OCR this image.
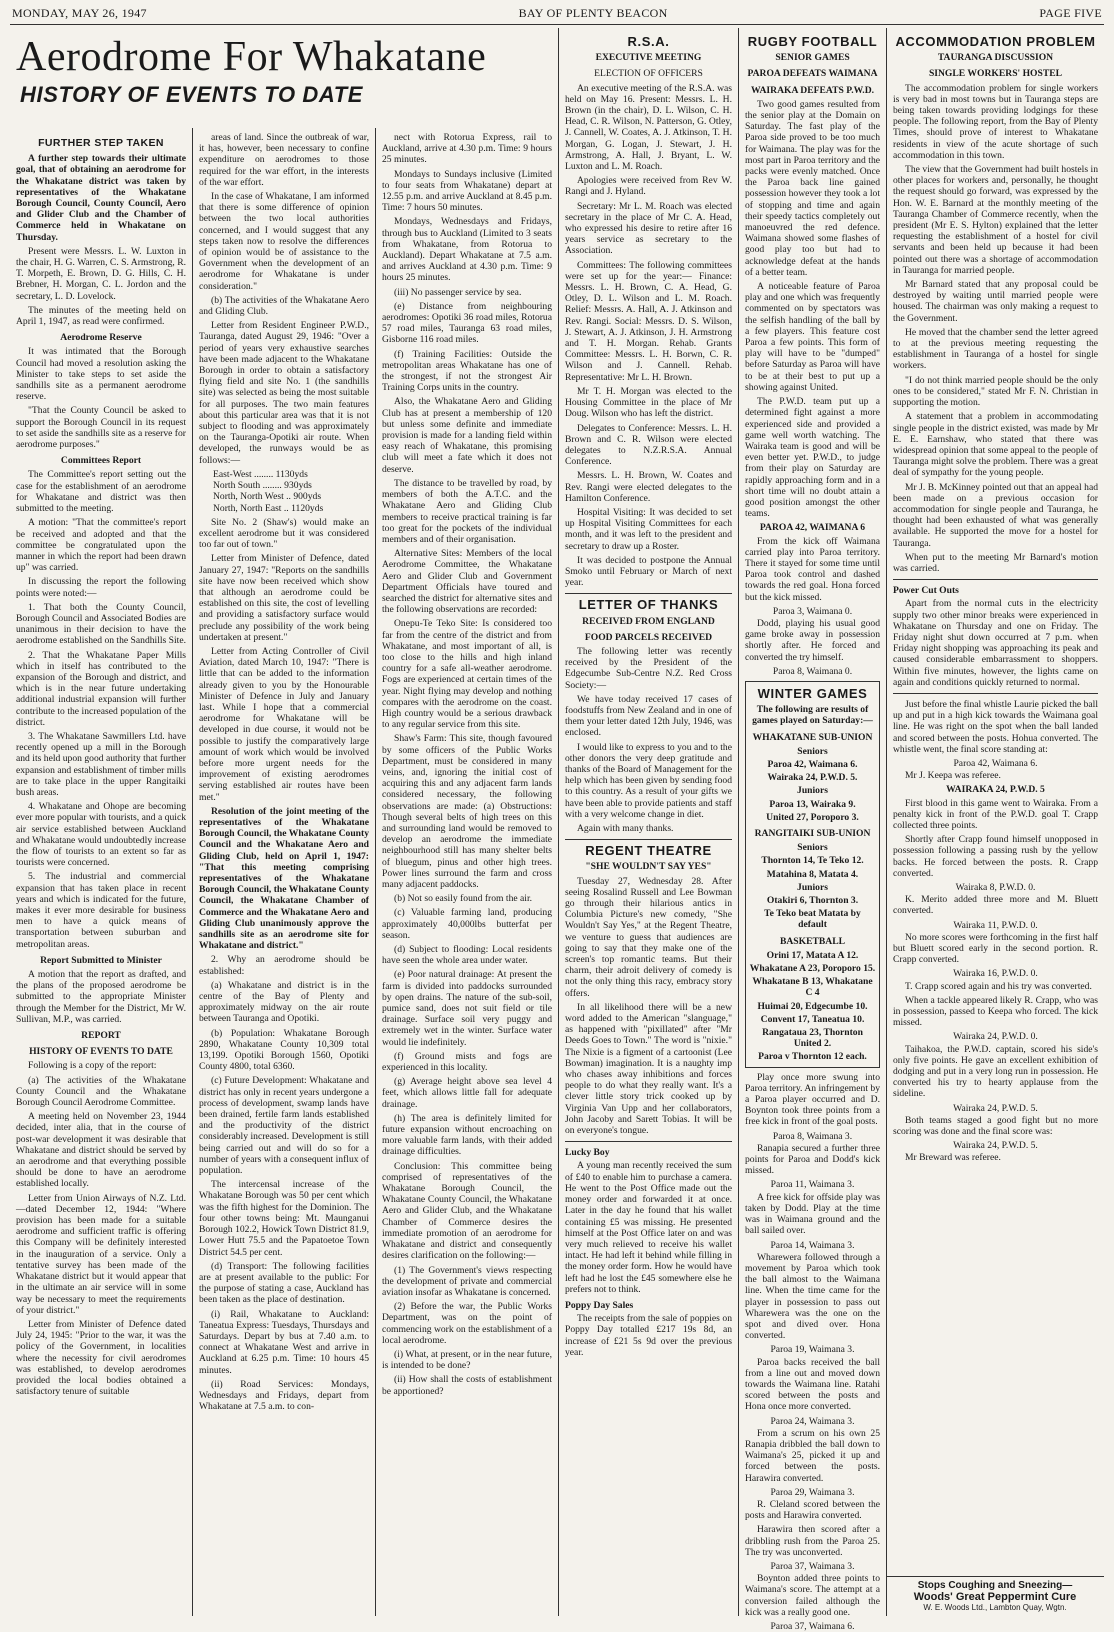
MONDAY, MAY 26, 1947	BAY OF PLENTY BEACON	PAGE FIVE
Aerodrome For Whakatane
HISTORY OF EVENTS TO DATE
FURTHER STEP TAKEN

A further step towards their ultimate goal, that of obtaining an aerodrome for the Whakatane district was taken by representatives of the Whakatane Borough Council, County Council, Aero and Glider Club and the Chamber of Commerce held in Whakatane on Thursday.

Present were Messrs. L. W. Luxton in the chair, H. G. Warren, C. S. Armstrong, R. T. Morpeth, E. Brown, D. G. Hills, C. H. Brebner, H. Morgan, C. L. Jordon and the secretary, L. D. Lovelock.

The minutes of the meeting held on April 1, 1947, as read were confirmed.

Aerodrome Reserve

It was intimated that the Borough Council had moved a resolution asking the Minister to take steps to set aside the sandhills site as a permanent aerodrome reserve.

"That the County Council be asked to support the Borough Council in its request to set aside the sandhills site as a reserve for aerodrome purposes."

Committees Report

The Committee's report setting out the case for the establishment of an aerodrome for Whakatane and district was then submitted to the meeting.

A motion: "That the committee's report be received and adopted and that the committee be congratulated upon the manner in which the report had been drawn up" was carried.

In discussing the report the following points were noted:—

1. That both the County Council, Borough Council and Associated Bodies are unanimous in their decision to have the aerodrome established on the Sandhills Site.

2. That the Whakatane Paper Mills which in itself has contributed to the expansion of the Borough and district, and which is in the near future undertaking additional industrial expansion will further contribute to the increased population of the district.

3. The Whakatane Sawmillers Ltd. have recently opened up a mill in the Borough and its held upon good authority that further expansion and establishment of timber mills are to take place in the upper Rangitaiki bush areas.

4. Whakatane and Ohope are becoming ever more popular with tourists, and a quick air service established between Auckland and Whakatane would undoubtedly increase the flow of tourists to an extent so far as tourists were concerned.

5. The industrial and commercial expansion that has taken place in recent years and which is indicated for the future, makes it ever more desirable for business men to have a quick means of transportation between suburban and metropolitan areas.

Report Submitted to Minister

A motion that the report as drafted, and the plans of the proposed aerodrome be submitted to the appropriate Minister through the Member for the District, Mr W. Sullivan, M.P., was carried.

REPORT
HISTORY OF EVENTS TO DATE

Following is a copy of the report:

(a) The activities of the Whakatane County Council and the Whakatane Borough Council Aerodrome Committee.

A meeting held on November 23, 1944 decided, inter alia, that in the course of post-war development it was desirable that Whakatane and district should be served by an aerodrome and that everything possible should be done to have an aerodrome established locally.

Letter from Union Airways of N.Z. Ltd.—dated December 12, 1944: "Where provision has been made for a suitable aerodrome and sufficient traffic is offering this Company will be definitely interested in the inauguration of a service. Only a tentative survey has been made of the Whakatane district but it would appear that in the ultimate an air service will in some way be necessary to meet the requirements of your district."

Letter from Minister of Defence dated July 24, 1945: "Prior to the war, it was the policy of the Government, in localities where the necessity for civil aerodromes was established, to develop aerodromes provided the local bodies obtained a satisfactory tenure of suitable

areas of land. Since the outbreak of war, it has, however, been necessary to confine expenditure on aerodromes to those required for the war effort, in the interests of the war effort.

In the case of Whakatane, I am informed that there is some difference of opinion between the two local authorities concerned, and I would suggest that any steps taken now to resolve the differences of opinion would be of assistance to the Government when the development of an aerodrome for Whakatane is under consideration."

(b) The activities of the Whakatane Aero and Gliding Club.

Letter from Resident Engineer P.W.D., Tauranga, dated August 29, 1946: "Over a period of years very exhaustive searches have been made adjacent to the Whakatane Borough in order to obtain a satisfactory flying field and site No. 1 (the sandhills site) was selected as being the most suitable for all purposes. The two main features about this particular area was that it is not subject to flooding and was approximately on the Tauranga-Opotiki air route. When developed, the runways would be as follows:—

East-West ........ 1130yds
North South ........ 930yds
North, North West .. 900yds
North, North East .. 1120yds

Site No. 2 (Shaw's) would make an excellent aerodrome but it was considered too far out of town."

Letter from Minister of Defence, dated January 27, 1947: "Reports on the sandhills site have now been received which show that although an aerodrome could be established on this site, the cost of levelling and providing a satisfactory surface would preclude any possibility of the work being undertaken at present."

Letter from Acting Controller of Civil Aviation, dated March 10, 1947: "There is little that can be added to the information already given to you by the Honourable Minister of Defence in July and January last. While I hope that a commercial aerodrome for Whakatane will be developed in due course, it would not be possible to justify the comparatively large amount of work which would be involved before more urgent needs for the improvement of existing aerodromes serving established air routes have been met."

Resolution of the joint meeting of the representatives of the Whakatane Borough Council, the Whakatane County Council and the Whakatane Aero and Gliding Club, held on April 1, 1947: "That this meeting comprising representatives of the Whakatane Borough Council, the Whakatane County Council, the Whakatane Chamber of Commerce and the Whakatane Aero and Gliding Club unanimously approve the sandhills site as an aerodrome site for Whakatane and district."

2. Why an aerodrome should be established:

(a) Whakatane and district is in the centre of the Bay of Plenty and approximately midway on the air route between Tauranga and Opotiki.

(b) Population: Whakatane Borough 2890, Whakatane County 10,309 total 13,199. Opotiki Borough 1560, Opotiki County 4800, total 6360.

(c) Future Development: Whakatane and district has only in recent years undergone a process of development, swamp lands have been drained, fertile farm lands established and the productivity of the district considerably increased. Development is still being carried out and will do so for a number of years with a consequent influx of population.

The intercensal increase of the Whakatane Borough was 50 per cent which was the fifth highest for the Dominion. The four other towns being: Mt. Maunganui Borough 102.2, Howick Town District 81.9, Lower Hutt 75.5 and the Papatoetoe Town District 54.5 per cent.

(d) Transport: The following facilities are at present available to the public: For the purpose of stating a case, Auckland has been taken as the place of destination.

(i) Rail, Whakatane to Auckland: Taneatua Express: Tuesdays, Thursdays and Saturdays. Depart by bus at 7.40 a.m. to connect at Whakatane West and arrive in Auckland at 6.25 p.m. Time: 10 hours 45 minutes.

(ii) Road Services: Mondays, Wednesdays and Fridays, depart from Whakatane at 7.5 a.m. to con-

nect with Rotorua Express, rail to Auckland, arrive at 4.30 p.m. Time: 9 hours 25 minutes.

Mondays to Sundays inclusive (Limited to four seats from Whakatane) depart at 12.55 p.m. and arrive Auckland at 8.45 p.m. Time: 7 hours 50 minutes.

Mondays, Wednesdays and Fridays, through bus to Auckland (Limited to 3 seats from Whakatane, from Rotorua to Auckland). Depart Whakatane at 7.5 a.m. and arrives Auckland at 4.30 p.m. Time: 9 hours 25 minutes.

(iii) No passenger service by sea.

(e) Distance from neighbouring aerodromes: Opotiki 36 road miles, Rotorua 57 road miles, Tauranga 63 road miles, Gisborne 116 road miles.

(f) Training Facilities: Outside the metropolitan areas Whakatane has one of the strongest, if not the strongest Air Training Corps units in the country.

Also, the Whakatane Aero and Gliding Club has at present a membership of 120 but unless some definite and immediate provision is made for a landing field within easy reach of Whakatane, this promising club will meet a fate which it does not deserve.

The distance to be travelled by road, by members of both the A.T.C. and the Whakatane Aero and Gliding Club members to receive practical training is far too great for the pockets of the individual members and of their organisation.

Alternative Sites: Members of the local Aerodrome Committee, the Whakatane Aero and Glider Club and Government Department Officials have toured and searched the district for alternative sites and the following observations are recorded:

Onepu-Te Teko Site: Is considered too far from the centre of the district and from Whakatane, and most important of all, is too close to the hills and high inland country for a safe all-weather aerodrome. Fogs are experienced at certain times of the year. Night flying may develop and nothing compares with the aerodrome on the coast. High country would be a serious drawback to any regular service from this site.

Shaw's Farm: This site, though favoured by some officers of the Public Works Department, must be considered in many veins, and, ignoring the initial cost of acquiring this and any adjacent farm lands considered necessary, the following observations are made: (a) Obstructions: Though several belts of high trees on this and surrounding land would be removed to develop an aerodrome the immediate neighbourhood still has many shelter belts of bluegum, pinus and other high trees. Power lines surround the farm and cross many adjacent paddocks.

(b) Not so easily found from the air.

(c) Valuable farming land, producing approximately 40,000lbs butterfat per season.

(d) Subject to flooding: Local residents have seen the whole area under water.

(e) Poor natural drainage: At present the farm is divided into paddocks surrounded by open drains. The nature of the sub-soil, pumice sand, does not suit field or tile drainage. Surface soil very puggy and extremely wet in the winter. Surface water would lie indefinitely.

(f) Ground mists and fogs are experienced in this locality.

(g) Average height above sea level 4 feet, which allows little fall for adequate drainage.

(h) The area is definitely limited for future expansion without encroaching on more valuable farm lands, with their added drainage difficulties.

Conclusion: This committee being comprised of representatives of the Whakatane Borough Council, the Whakatane County Council, the Whakatane Aero and Glider Club, and the Whakatane Chamber of Commerce desires the immediate promotion of an aerodrome for Whakatane and district and consequently desires clarification on the following:—

(1) The Government's views respecting the development of private and commercial aviation insofar as Whakatane is concerned.

(2) Before the war, the Public Works Department, was on the point of commencing work on the establishment of a local aerodrome.

(i) What, at present, or in the near future, is intended to be done?

(ii) How shall the costs of establishment be apportioned?

R.S.A.
EXECUTIVE MEETING
ELECTION OF OFFICERS

An executive meeting of the R.S.A. was held on May 16. Present: Messrs. L. H. Brown (in the chair), D. L. Wilson, C. H. Head, C. R. Wilson, N. Patterson, G. Otley, J. Cannell, W. Coates, A. J. Atkinson, T. H. Morgan, G. Logan, J. Stewart, J. H. Armstrong, A. Hall, J. Bryant, L. W. Luxton and L. M. Roach.

Apologies were received from Rev W. Rangi and J. Hyland.

Secretary: Mr L. M. Roach was elected secretary in the place of Mr C. A. Head, who expressed his desire to retire after 16 years service as secretary to the Association.

Committees: The following committees were set up for the year:— Finance: Messrs. L. H. Brown, C. A. Head, G. Otley, D. L. Wilson and L. M. Roach. Relief: Messrs. A. Hall, A. J. Atkinson and Rev. Rangi. Social: Messrs. D. S. Wilson, J. Stewart, A. J. Atkinson, J. H. Armstrong and T. H. Morgan. Rehab. Grants Committee: Messrs. L. H. Borwn, C. R. Wilson and J. Cannell. Rehab. Representative: Mr L. H. Brown.

Mr T. H. Morgan was elected to the Housing Committee in the place of Mr Doug. Wilson who has left the district.

Delegates to Conference: Messrs. L. H. Brown and C. R. Wilson were elected delegates to N.Z.R.S.A. Annual Conference.

Messrs. L. H. Brown, W. Coates and Rev. Rangi were elected delegates to the Hamilton Conference.

Hospital Visiting: It was decided to set up Hospital Visiting Committees for each month, and it was left to the president and secretary to draw up a Roster.

It was decided to postpone the Annual Smoko until February or March of next year.

LETTER OF THANKS
RECEIVED FROM ENGLAND
FOOD PARCELS RECEIVED

The following letter was recently received by the President of the Edgecumbe Sub-Centre N.Z. Red Cross Society:—

We have today received 17 cases of foodstuffs from New Zealand and in one of them your letter dated 12th July, 1946, was enclosed.

I would like to express to you and to the other donors the very deep gratitude and thanks of the Board of Management for the help which has been given by sending food to this country. As a result of your gifts we have been able to provide patients and staff with a very welcome change in diet.

Again with many thanks.

REGENT THEATRE
"SHE WOULDN'T SAY YES"

Tuesday 27, Wednesday 28. After seeing Rosalind Russell and Lee Bowman go through their hilarious antics in Columbia Picture's new comedy, "She Wouldn't Say Yes," at the Regent Theatre, we venture to guess that audiences are going to say that they make one of the screen's top romantic teams. But their charm, their adroit delivery of comedy is not the only thing this racy, embracy story offers.

In all likelihood there will be a new word added to the American "slanguage," as happened with "pixillated" after "Mr Deeds Goes to Town." The word is "nixie." The Nixie is a figment of a cartoonist (Lee Bowman) imagination. It is a naughty imp who chases away inhibitions and forces people to do what they really want. It's a clever little story trick cooked up by Virginia Van Upp and her collaborators, John Jacoby and Sarett Tobias. It will be on everyone's tongue.

Lucky Boy

A young man recently received the sum of £40 to enable him to purchase a camera. He went to the Post Office made out the money order and forwarded it at once. Later in the day he found that his wallet containing £5 was missing. He presented himself at the Post Office later on and was very much relieved to receive his wallet intact. He had left it behind while filling in the money order form. How he would have left had he lost the £45 somewhere else he prefers not to think.

Poppy Day Sales

The receipts from the sale of poppies on Poppy Day totalled £217 19s 8d, an increase of £21 5s 9d over the previous year.

RUGBY FOOTBALL
SENIOR GAMES
PAROA DEFEATS WAIMANA
WAIRAKA DEFEATS P.W.D.

Two good games resulted from the senior play at the Domain on Saturday. The fast play of the Paroa side proved to be too much for Waimana. The play was for the most part in Paroa territory and the packs were evenly matched. Once the Paroa back line gained possession however they took a lot of stopping and time and again their speedy tactics completely out manoeuvred the red defence. Waimana showed some flashes of good play too but had to acknowledge defeat at the hands of a better team.

A noticeable feature of Paroa play and one which was frequently commented on by spectators was the selfish handling of the ball by a few players. This feature cost Paroa a few points. This form of play will have to be "dumped" before Saturday as Paroa will have to be at their best to put up a showing against United.

The P.W.D. team put up a determined fight against a more experienced side and provided a game well worth watching. The Wairaka team is good and will be even better yet. P.W.D., to judge from their play on Saturday are rapidly approaching form and in a short time will no doubt attain a good position amongst the other teams.

PAROA 42, WAIMANA 6

From the kick off Waimana carried play into Paroa territory. There it stayed for some time until Paroa took control and dashed towards the red goal. Hona forced but the kick missed.

Paroa 3, Waimana 0.

Dodd, playing his usual good game broke away in possession shortly after. He forced and converted the try himself.

Paroa 8, Waimana 0.
WINTER GAMES
The following are results of games played on Saturday:—
WHAKATANE SUB-UNION
Seniors
Paroa 42, Waimana 6.
Wairaka 24, P.W.D. 5.
Juniors
Paroa 13, Wairaka 9.
United 27, Poroporo 3.
RANGITAIKI SUB-UNION
Seniors
Thornton 14, Te Teko 12.
Matahina 8, Matata 4.
Juniors
Otakiri 6, Thornton 3.
Te Teko beat Matata by default
BASKETBALL
Orini 17, Matata A 12.
Whakatane A 23, Poroporo 15.
Whakatane B 13, Whakatane C 4
Huimai 20, Edgecumbe 10.
Convent 17, Taneatua 10.
Rangataua 23, Thornton United 2.
Paroa v Thornton 12 each.

Play once more swung into Paroa territory. An infringement by a Paroa player occurred and D. Boynton took three points from a free kick in front of the goal posts.

Paroa 8, Waimana 3.

Ranapia secured a further three points for Paroa and Dodd's kick missed.

Paroa 11, Waimana 3.

A free kick for offside play was taken by Dodd. Play at the time was in Waimana ground and the ball sailed over.

Paroa 14, Waimana 3.

Wharewera followed through a movement by Paroa which took the ball almost to the Waimana line. When the time came for the player in possession to pass out Wharewera was the one on the spot and dived over. Hona converted.

Paroa 19, Waimana 3.

Paroa backs received the ball from a line out and moved down towards the Waimana line. Ratahi scored between the posts and Hona once more converted.

Paroa 24, Waimana 3.

From a scrum on his own 25 Ranapia dribbled the ball down to Waimana's 25, picked it up and forced between the posts. Harawira converted.

Paroa 29, Waimana 3.

R. Cleland scored between the posts and Harawira converted.

Harawira then scored after a dribbling rush from the Paroa 25. The try was unconverted.

Paroa 37, Waimana 3.

Boynton added three points to Waimana's score. The attempt at a conversion failed although the kick was a really good one.

Paroa 37, Waimana 6.
ACCOMMODATION PROBLEM
TAURANGA DISCUSSION
SINGLE WORKERS' HOSTEL

The accommodation problem for single workers is very bad in most towns but in Tauranga steps are being taken towards providing lodgings for these people. The following report, from the Bay of Plenty Times, should prove of interest to Whakatane residents in view of the acute shortage of such accommodation in this town.

The view that the Government had built hostels in other places for workers and, personally, he thought the request should go forward, was expressed by the Hon. W. E. Barnard at the monthly meeting of the Tauranga Chamber of Commerce recently, when the president (Mr E. S. Hylton) explained that the letter requesting the establishment of a hostel for civil servants and been held up because it had been pointed out there was a shortage of accommodation in Tauranga for married people.

Mr Barnard stated that any proposal could be destroyed by waiting until married people were housed. The chairman was only making a request to the Government.

He moved that the chamber send the letter agreed to at the previous meeting requesting the establishment in Tauranga of a hostel for single workers.

"I do not think married people should be the only ones to be considered," stated Mr F. N. Christian in supporting the motion.

A statement that a problem in accommodating single people in the district existed, was made by Mr E. E. Earnshaw, who stated that there was widespread opinion that some appeal to the people of Tauranga might solve the problem. There was a great deal of sympathy for the young people.

Mr J. B. McKinney pointed out that an appeal had been made on a previous occasion for accommodation for single people and Tauranga, he thought had been exhausted of what was generally available. He supported the move for a hostel for Tauranga.

When put to the meeting Mr Barnard's motion was carried.

Power Cut Outs

Apart from the normal cuts in the electricity supply two other minor breaks were experienced in Whakatane on Thursday and one on Friday. The Friday night shut down occurred at 7 p.m. when Friday night shopping was approaching its peak and caused considerable embarrassment to shoppers. Within five minutes, however, the lights came on again and conditions quickly returned to normal.

Just before the final whistle Laurie picked the ball up and put in a high kick towards the Waimana goal line. He was right on the spot when the ball landed and scored between the posts. Hohua converted. The whistle went, the final score standing at:

Paroa 42, Waimana 6.

Mr J. Keepa was referee.

WAIRAKA 24, P.W.D. 5

First blood in this game went to Wairaka. From a penalty kick in front of the P.W.D. goal T. Crapp collected three points.

Shortly after Crapp found himself unopposed in possession following a passing rush by the yellow backs. He forced between the posts. R. Crapp converted.

Wairaka 8, P.W.D. 0.

K. Merito added three more and M. Bluett converted.

Wairaka 11, P.W.D. 0.

No more scores were forthcoming in the first half but Bluett scored early in the second portion. R. Crapp converted.

Wairaka 16, P.W.D. 0.

T. Crapp scored again and his try was converted.

When a tackle appeared likely R. Crapp, who was in possession, passed to Keepa who forced. The kick missed.

Wairaka 24, P.W.D. 0.

Taihakoa, the P.W.D. captain, scored his side's only five points. He gave an excellent exhibition of dodging and put in a very long run in possession. He converted his try to hearty applause from the sideline.

Wairaka 24, P.W.D. 5.

Both teams staged a good fight but no more scoring was done and the final score was:

Wairaka 24, P.W.D. 5.

Mr Breward was referee.

Stops Coughing and Sneezing—
Woods' Great Peppermint Cure
W. E. Woods Ltd., Lambton Quay, Wgtn.
